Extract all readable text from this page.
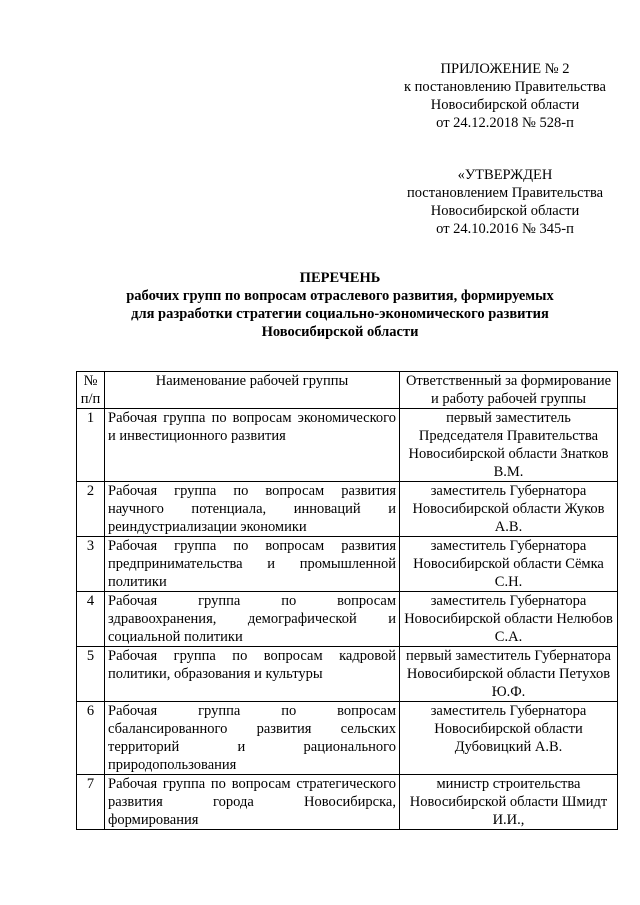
ПРИЛОЖЕНИЕ № 2
к постановлению Правительства
Новосибирской области
от 24.12.2018 № 528-п
«УТВЕРЖДЕН
постановлением Правительства
Новосибирской области
от 24.10.2016 № 345-п
ПЕРЕЧЕНЬ
рабочих групп по вопросам отраслевого развития, формируемых
для разработки стратегии социально-экономического развития
Новосибирской области
№ п/п	Наименование рабочей группы	Ответственный за формирование и работу рабочей группы
1	Рабочая группа по вопросам экономического и инвестиционного развития	первый заместитель Председателя Правительства Новосибирской области Знатков В.М.
2	Рабочая группа по вопросам развития научного потенциала, инноваций и реиндустриализации экономики	заместитель Губернатора Новосибирской области Жуков А.В.
3	Рабочая группа по вопросам развития предпринимательства и промышленной политики	заместитель Губернатора Новосибирской области Сёмка С.Н.
4	Рабочая группа по вопросам здравоохранения, демографической и социальной политики	заместитель Губернатора Новосибирской области Нелюбов С.А.
5	Рабочая группа по вопросам кадровой политики, образования и культуры	первый заместитель Губернатора Новосибирской области Петухов Ю.Ф.
6	Рабочая группа по вопросам сбалансированного развития сельских территорий и рационального природопользования	заместитель Губернатора Новосибирской области Дубовицкий А.В.
7	Рабочая группа по вопросам стратегического развития города Новосибирска, формирования	министр строительства Новосибирской области Шмидт И.И.,
